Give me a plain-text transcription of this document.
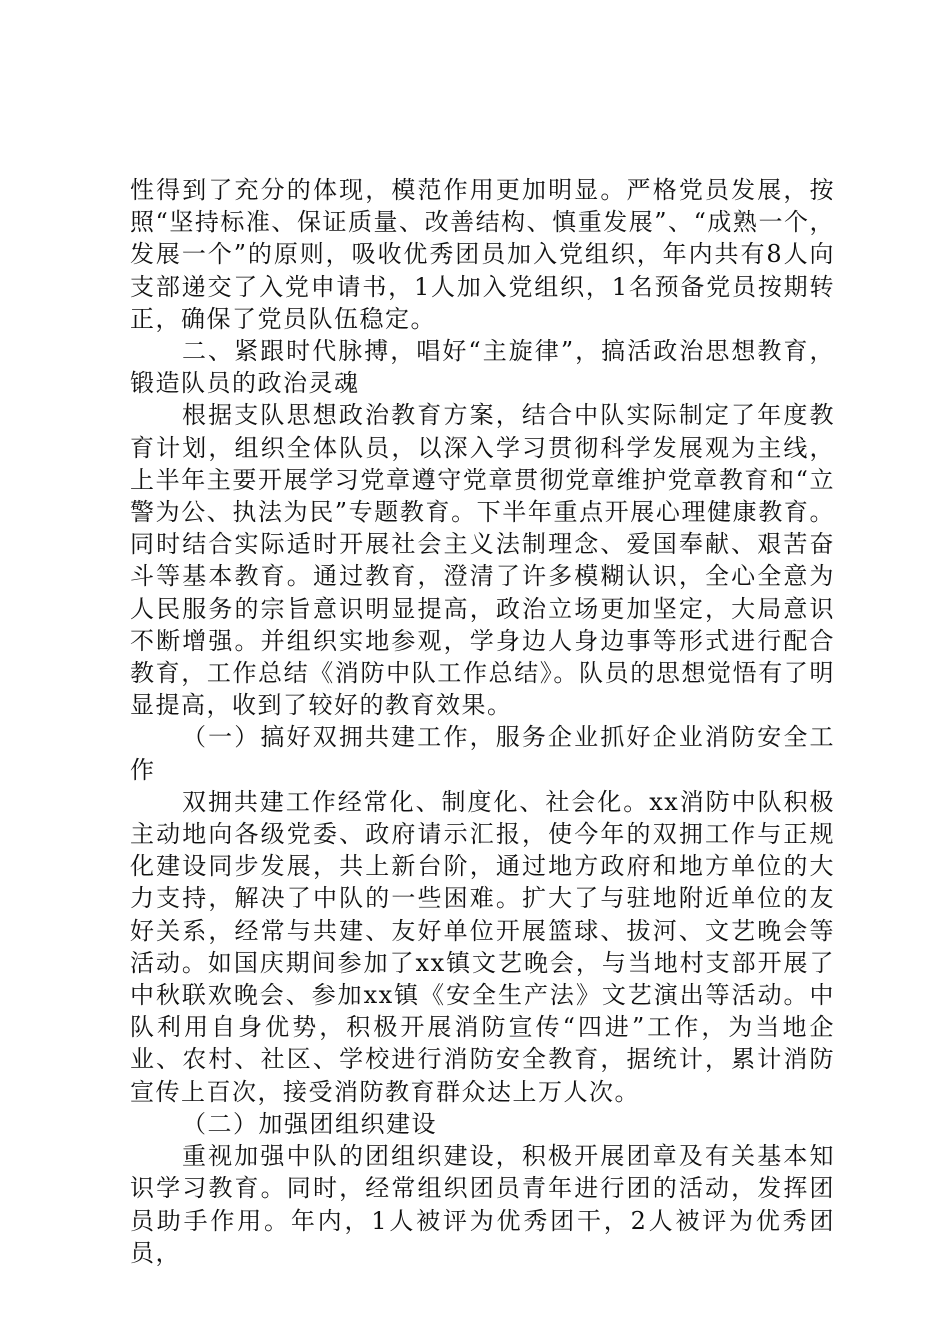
性得到了充分的体现，模范作用更加明显。严格党员发展，按照“坚持标准、保证质量、改善结构、慎重发展”、“成熟一个，发展一个”的原则，吸收优秀团员加入党组织，年内共有8人向支部递交了入党申请书，1人加入党组织，1名预备党员按期转正，确保了党员队伍稳定。

二、紧跟时代脉搏，唱好“主旋律”，搞活政治思想教育，锻造队员的政治灵魂

根据支队思想政治教育方案，结合中队实际制定了年度教育计划，组织全体队员，以深入学习贯彻科学发展观为主线，上半年主要开展学习党章遵守党章贯彻党章维护党章教育和“立警为公、执法为民”专题教育。下半年重点开展心理健康教育。同时结合实际适时开展社会主义法制理念、爱国奉献、艰苦奋斗等基本教育。通过教育，澄清了许多模糊认识，全心全意为人民服务的宗旨意识明显提高，政治立场更加坚定，大局意识不断增强。并组织实地参观，学身边人身边事等形式进行配合教育，工作总结《消防中队工作总结》。队员的思想觉悟有了明显提高，收到了较好的教育效果。

（一）搞好双拥共建工作，服务企业抓好企业消防安全工作

双拥共建工作经常化、制度化、社会化。xx消防中队积极主动地向各级党委、政府请示汇报，使今年的双拥工作与正规化建设同步发展，共上新台阶，通过地方政府和地方单位的大力支持，解决了中队的一些困难。扩大了与驻地附近单位的友好关系，经常与共建、友好单位开展篮球、拔河、文艺晚会等活动。如国庆期间参加了xx镇文艺晚会，与当地村支部开展了中秋联欢晚会、参加xx镇《安全生产法》文艺演出等活动。中队利用自身优势，积极开展消防宣传“四进”工作，为当地企业、农村、社区、学校进行消防安全教育，据统计，累计消防宣传上百次，接受消防教育群众达上万人次。

（二）加强团组织建设

重视加强中队的团组织建设，积极开展团章及有关基本知识学习教育。同时，经常组织团员青年进行团的活动，发挥团员助手作用。年内，1人被评为优秀团干，2人被评为优秀团员，
